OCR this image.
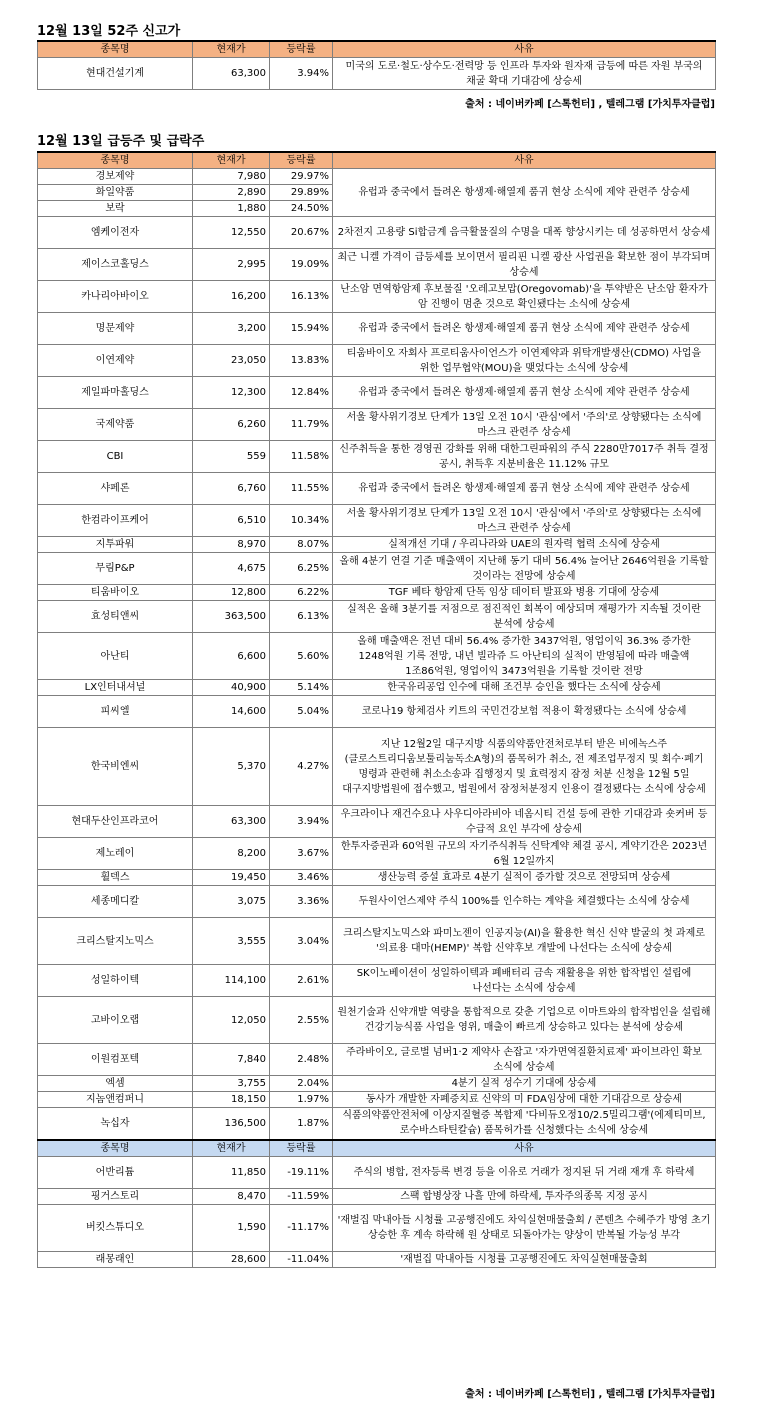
12월 13일 52주 신고가
종목명	현재가	등락률	사유
현대건설기계	63,300	3.94%	미국의 도로·철도·상수도·전력망 등 인프라 투자와 원자재 급등에 따른 자원 부국의 채굴 확대 기대감에 상승세
출처 : 네이버카페 [스톡헌터] , 텔레그램 [가치투자클럽]
12월 13일 급등주 및 급락주
종목명	현재가	등락률	사유
경보제약	7,980	29.97%	유럽과 중국에서 들려온 항생제·해열제 품귀 현상 소식에 제약 관련주 상승세
화일약품	2,890	29.89%	
보락	1,880	24.50%	
엠케이전자	12,550	20.67%	2차전지 고용량 Si합금계 음극활물질의 수명을 대폭 향상시키는 데 성공하면서 상승세
제이스코홀딩스	2,995	19.09%	최근 니켈 가격이 급등세를 보이면서 필리핀 니켈 광산 사업권을 확보한 점이 부각되며 상승세
카나리아바이오	16,200	16.13%	난소암 면역항암제 후보물질 '오레고보맙(Oregovomab)'을 투약받은 난소암 환자가 암 진행이 멈춘 것으로 확인됐다는 소식에 상승세
명문제약	3,200	15.94%	유럽과 중국에서 들려온 항생제·해열제 품귀 현상 소식에 제약 관련주 상승세
이연제약	23,050	13.83%	티움바이오 자회사 프로티움사이언스가 이연제약과 위탁개발생산(CDMO) 사업을 위한 업무협약(MOU)을 맺었다는 소식에 상승세
제일파마홀딩스	12,300	12.84%	유럽과 중국에서 들려온 항생제·해열제 품귀 현상 소식에 제약 관련주 상승세
국제약품	6,260	11.79%	서울 황사위기경보 단계가 13일 오전 10시 '관심'에서 '주의'로 상향됐다는 소식에 마스크 관련주 상승세
CBI	559	11.58%	신주취득을 통한 경영권 강화를 위해 대한그린파워의 주식 2280만7017주 취득 결정 공시, 취득후 지분비율은 11.12% 규모
샤페론	6,760	11.55%	유럽과 중국에서 들려온 항생제·해열제 품귀 현상 소식에 제약 관련주 상승세
한컴라이프케어	6,510	10.34%	서울 황사위기경보 단계가 13일 오전 10시 '관심'에서 '주의'로 상향됐다는 소식에 마스크 관련주 상승세
지투파워	8,970	8.07%	실적개선 기대 / 우리나라와 UAE의 원자력 협력 소식에 상승세
무림P&P	4,675	6.25%	올해 4분기 연결 기준 매출액이 지난해 동기 대비 56.4% 늘어난 2646억원을 기록할 것이라는 전망에 상승세
티움바이오	12,800	6.22%	TGF 베타 항암제 단독 임상 데이터 발표와 병용 기대에 상승세
효성티앤씨	363,500	6.13%	실적은 올해 3분기를 저점으로 점진적인 회복이 예상되며 재평가가 지속될 것이란 분석에 상승세
아난티	6,600	5.60%	올해 매출액은 전년 대비 56.4% 증가한 3437억원, 영업이익 36.3% 증가한 1248억원 기록 전망, 내년 빌라쥬 드 아난티의 실적이 반영됨에 따라 매출액 1조86억원, 영업이익 3473억원을 기록할 것이란 전망
LX인터내셔널	40,900	5.14%	한국유리공업 인수에 대해 조건부 승인을 했다는 소식에 상승세
피씨엘	14,600	5.04%	코로나19 항체검사 키트의 국민건강보험 적용이 확정됐다는 소식에 상승세
한국비엔씨	5,370	4.27%	지난 12월2일 대구지방 식품의약품안전처로부터 받은 비에녹스주(클로스트리디움보툴리눔독소A형)의 품목허가 취소, 전 제조업무정지 및 회수·폐기 명령과 관련해 취소소송과 집행정지 및 효력정지 잠정 처분 신청을 12월 5일 대구지방법원에 접수했고, 법원에서 잠정처분정지 인용이 결정됐다는 소식에 상승세
현대두산인프라코어	63,300	3.94%	우크라이나 재건수요나 사우디아라비아 네옴시티 건설 등에 관한 기대감과 숏커버 등 수급적 요인 부각에 상승세
제노레이	8,200	3.67%	한투자증권과 60억원 규모의 자기주식취득 신탁계약 체결 공시, 계약기간은 2023년 6월 12일까지
휠덱스	19,450	3.46%	생산능력 증설 효과로 4분기 실적이 증가할 것으로 전망되며 상승세
세종메디칼	3,075	3.36%	두원사이언스제약 주식 100%를 인수하는 계약을 체결했다는 소식에 상승세
크리스탈지노믹스	3,555	3.04%	크리스탈지노믹스와 파미노젠이 인공지능(AI)을 활용한 혁신 신약 발굴의 첫 과제로 '의료용 대마(HEMP)' 복합 신약후보 개발에 나선다는 소식에 상승세
성일하이텍	114,100	2.61%	SK이노베이션이 성일하이텍과 폐배터리 금속 재활용을 위한 합작법인 설립에 나선다는 소식에 상승세
고바이오랩	12,050	2.55%	원천기술과 신약개발 역량을 통합적으로 갖춘 기업으로 이마트와의 합작법인을 설립해 건강기능식품 사업을 영위, 매출이 빠르게 상승하고 있다는 분석에 상승세
이원컴포텍	7,840	2.48%	주라바이오, 글로벌 넘버1·2 제약사 손잡고 '자가면역질환치료제' 파이브라인 확보 소식에 상승세
엑셈	3,755	2.04%	4분기 실적 성수기 기대에 상승세
지놈앤컴퍼니	18,150	1.97%	동사가 개발한 자폐증치료 신약의 미 FDA임상에 대한 기대감으로 상승세
녹십자	136,500	1.87%	식품의약품안전처에 이상지질혈증 복합제 '다비듀오정10/2.5밀리그램'(에제티미브, 로수바스타틴칼슘) 품목허가를 신청했다는 소식에 상승세
종목명	현재가	등락률	사유
어반리튬	11,850	-19.11%	주식의 병합, 전자등록 변경 등을 이유로 거래가 정지된 뒤 거래 재개 후 하락세
핑거스토리	8,470	-11.59%	스팩 합병상장 나흘 만에 하락세, 투자주의종목 지정 공시
버킷스튜디오	1,590	-11.17%	'재벌집 막내아들 시청률 고공행진에도 차익실현매물출회 / 콘텐츠 수혜주가 방영 초기 상승한 후 계속 하락해 원 상태로 되돌아가는 양상이 반복될 가능성 부각
래몽래인	28,600	-11.04%	'재벌집 막내아들 시청률 고공행진에도 차익실현매물출회
출처 : 네이버카페 [스톡헌터] , 텔레그램 [가치투자클럽]
